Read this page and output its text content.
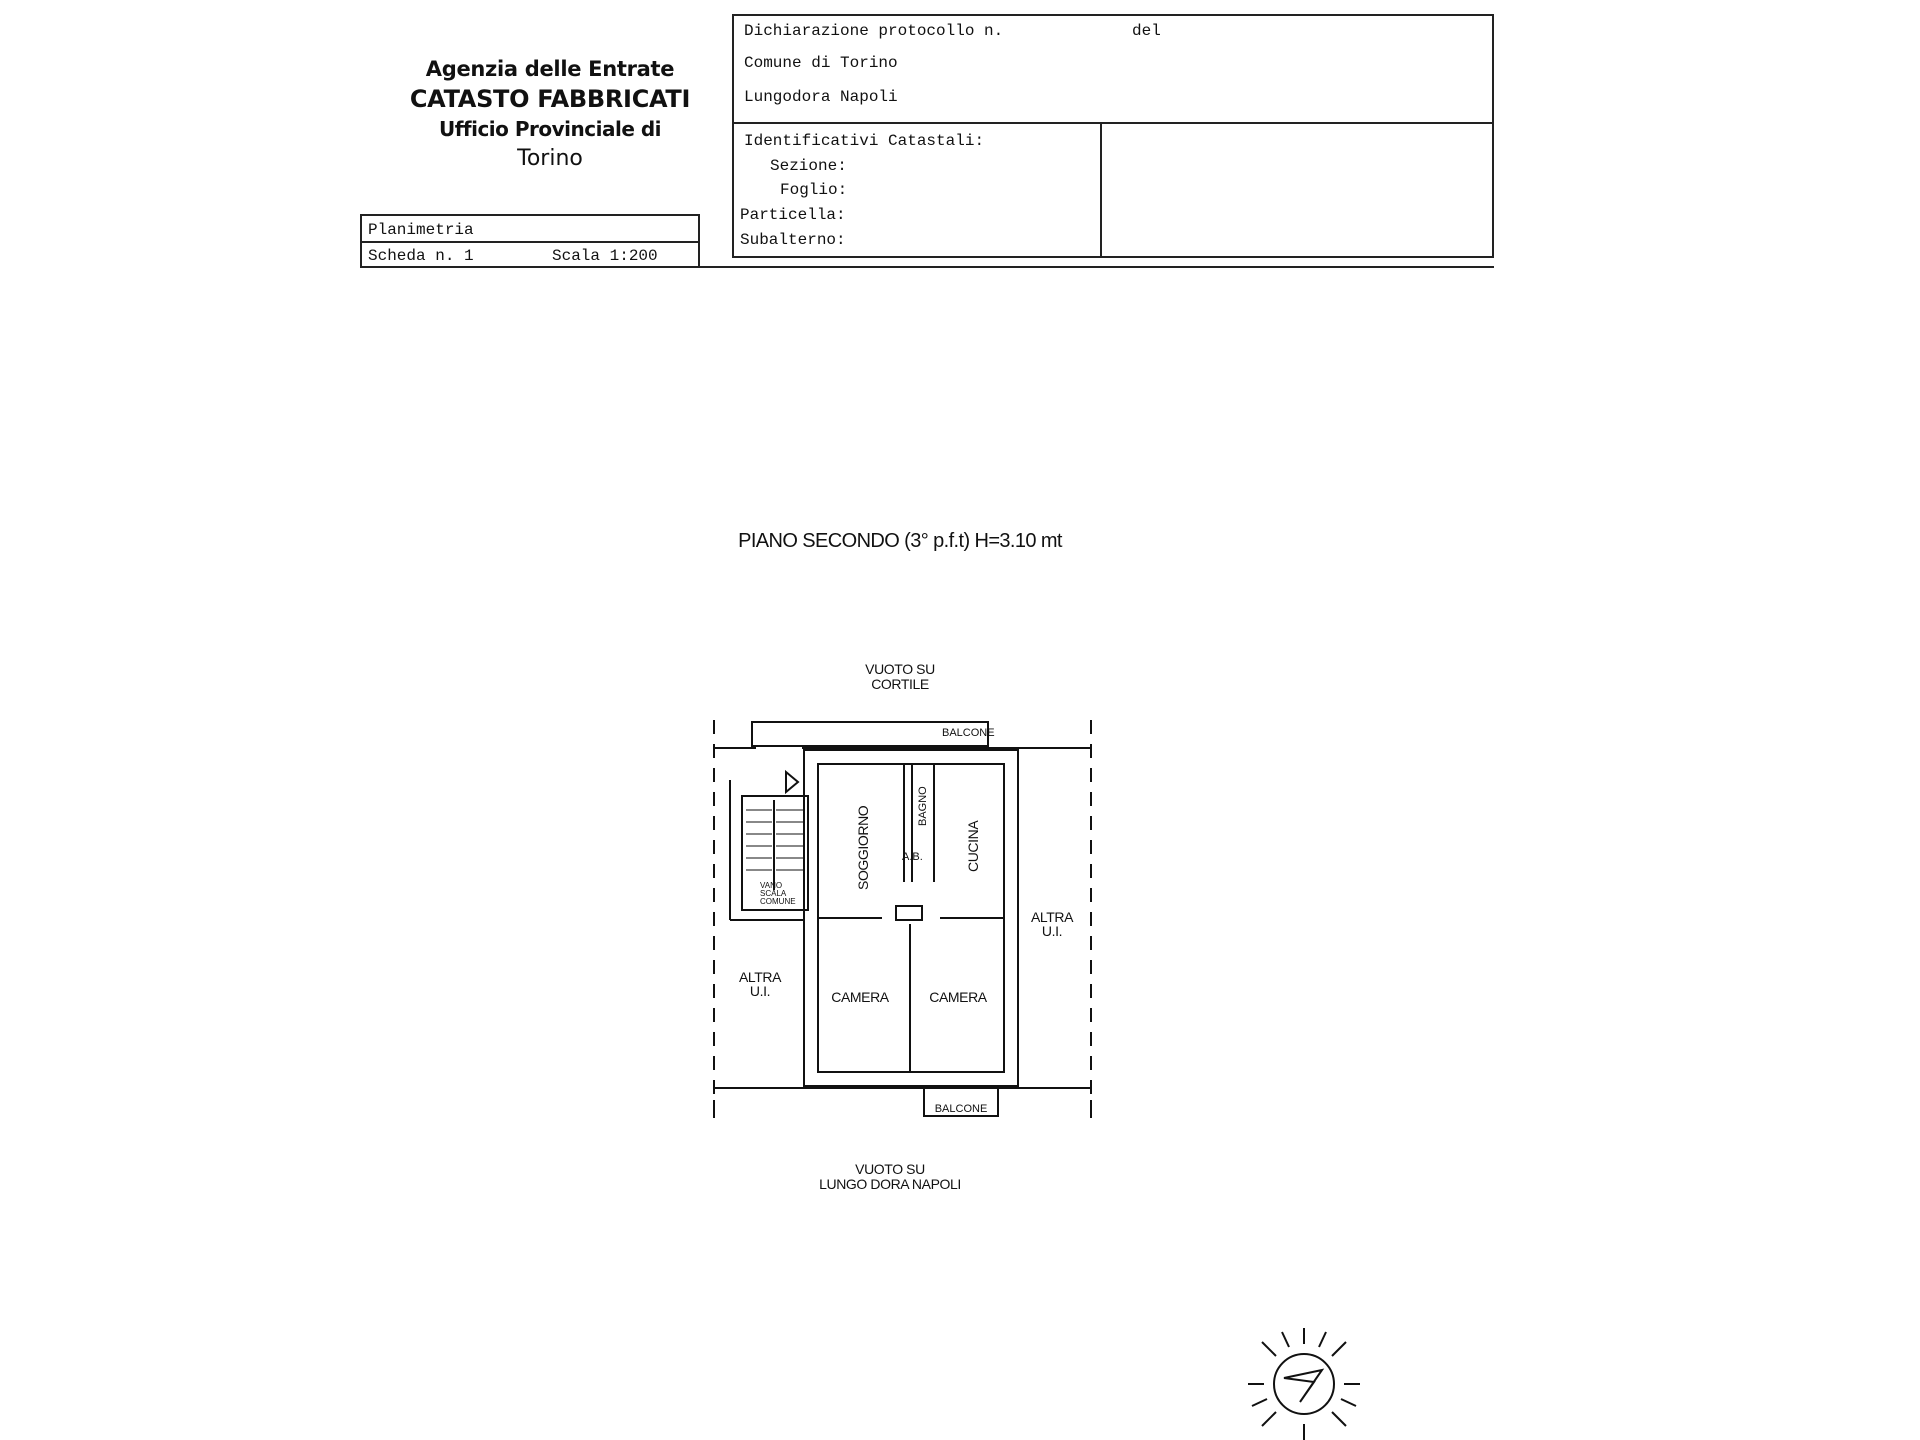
Agenzia delle Entrate
CATASTO FABBRICATI
Ufficio Provinciale di
Torino
Planimetria
Scheda n. 1	Scala 1:200
Dichiarazione protocollo n.	del
Comune di Torino
Lungodora Napoli
Identificativi Catastali:
Sezione:
Foglio:
Particella:
Subalterno:
PIANO SECONDO (3° p.f.t) H=3.10 mt
VUOTO SU
CORTILE
VUOTO SU
LUNGO DORA NAPOLI
BALCONE
BALCONE
SOGGIORNO	BAGNO
A.B.	CUCINA
CAMERA	CAMERA
ALTRA
U.I.
ALTRA
U.I.
VANO
SCALA
COMUNE
